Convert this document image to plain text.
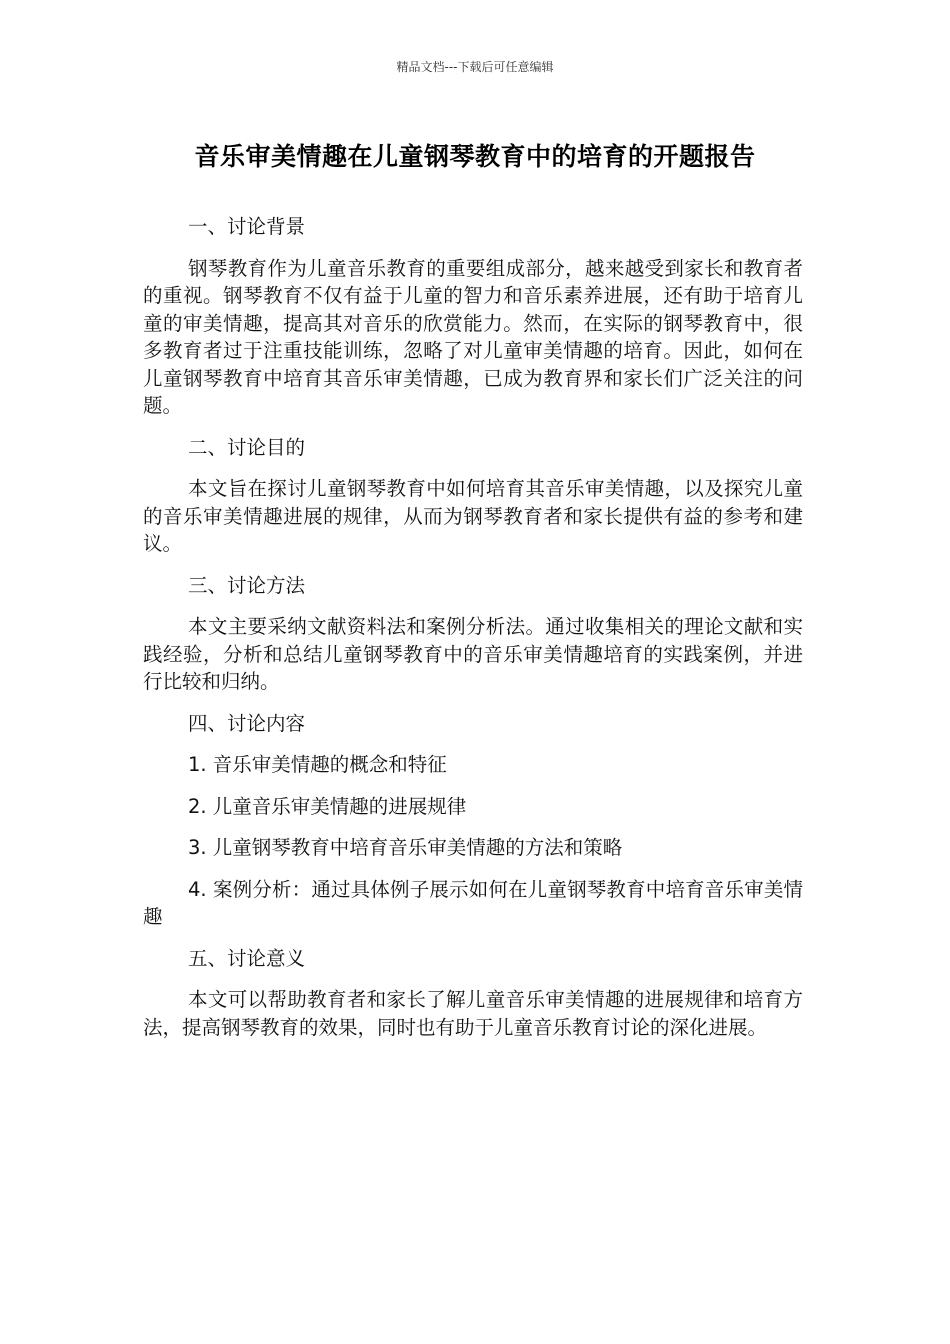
精品文档---下载后可任意编辑
音乐审美情趣在儿童钢琴教育中的培育的开题报告
一、讨论背景
钢琴教育作为儿童音乐教育的重要组成部分，越来越受到家长和教育者的重视。钢琴教育不仅有益于儿童的智力和音乐素养进展，还有助于培育儿童的审美情趣，提高其对音乐的欣赏能力。然而，在实际的钢琴教育中，很多教育者过于注重技能训练，忽略了对儿童审美情趣的培育。因此，如何在儿童钢琴教育中培育其音乐审美情趣，已成为教育界和家长们广泛关注的问题。
二、讨论目的
本文旨在探讨儿童钢琴教育中如何培育其音乐审美情趣，以及探究儿童的音乐审美情趣进展的规律，从而为钢琴教育者和家长提供有益的参考和建议。
三、讨论方法
本文主要采纳文献资料法和案例分析法。通过收集相关的理论文献和实践经验，分析和总结儿童钢琴教育中的音乐审美情趣培育的实践案例，并进行比较和归纳。
四、讨论内容
1. 音乐审美情趣的概念和特征
2. 儿童音乐审美情趣的进展规律
3. 儿童钢琴教育中培育音乐审美情趣的方法和策略
4. 案例分析：通过具体例子展示如何在儿童钢琴教育中培育音乐审美情趣
五、讨论意义
本文可以帮助教育者和家长了解儿童音乐审美情趣的进展规律和培育方法，提高钢琴教育的效果，同时也有助于儿童音乐教育讨论的深化进展。
